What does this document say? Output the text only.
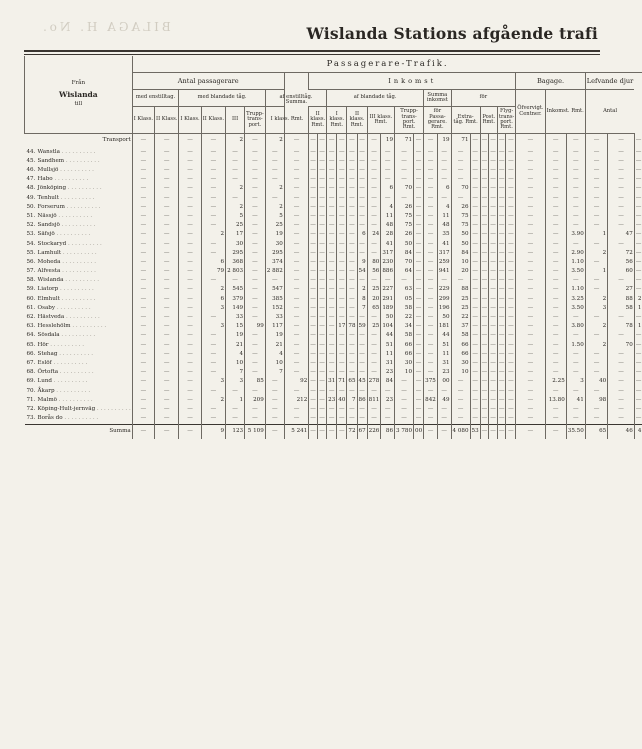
BILAGA H. No.	Wislanda Stations afgående trafi
Från
Wislanda
till	Passagerare-Trafik.																															
	Antal passagerare							Summa.	Inkomst																		Bagage.			Lefvande djur		
	med enstilltag.		med blandade tåg.				af enstilltåg.				af blandade tåg.								Summa inkomst		för						Öfvervigt. Centner.	Inkomst. Rmt.		Antal		
	I Klass.	II Klass.	I Klass.	II Klass.	III	Trupp-trans-port.	I klass. Rmt.		II klass. Rmt.		I klass. Rmt.		II klass. Rmt.		III klass. Rmt.		Trupp-trans-port. Rmt.		för Passa-gerare. Rmt.		Extra-tåg. Rmt.		Post. Rmt.		Flyg-trans-port. Rmt.							
Transport	—	—	—	—	2	—	2	—	—	—	—	—	—	—	—	19	71	—	—	19	71	—	—	—	—	—	—	—	—	—	—	—
44. Wanstla . . . . . . . . . .	—	—	—	—	—	—	—	—	—	—	—	—	—	—	—	—	—	—	—	—	—	—	—	—	—	—	—	—	—	—	—	—
45. Sandhem . . . . . . . . . .	—	—	—	—	—	—	—	—	—	—	—	—	—	—	—	—	—	—	—	—	—	—	—	—	—	—	—	—	—	—	—	—
46. Mullsjö . . . . . . . . . .	—	—	—	—	—	—	—	—	—	—	—	—	—	—	—	—	—	—	—	—	—	—	—	—	—	—	—	—	—	—	—	—
47. Habo . . . . . . . . . .	—	—	—	—	—	—	—	—	—	—	—	—	—	—	—	—	—	—	—	—	—	—	—	—	—	—	—	—	—	—	—	—
48. Jönköping . . . . . . . . . .	—	—	—	—	2	—	2	—	—	—	—	—	—	—	—	6	70	—	—	6	70	—	—	—	—	—	—	—	—	—	—	—
49. Tenhult . . . . . . . . . .	—	—	—	—	—	—	—	—	—	—	—	—	—	—	—	—	—	—	—	—	—	—	—	—	—	—	—	—	—	—	—	—
50. Forserum . . . . . . . . . .	—	—	—	—	2	—	2	—	—	—	—	—	—	—	—	4	26	—	—	4	26	—	—	—	—	—	—	—	—	—	—	—
51. Nässjö . . . . . . . . . .	—	—	—	—	5	—	5	—	—	—	—	—	—	—	—	11	75	—	—	11	75	—	—	—	—	—	—	—	—	—	—	—
52. Sandsjö . . . . . . . . . .	—	—	—	—	25	—	25	—	—	—	—	—	—	—	—	48	75	—	—	48	75	—	—	—	—	—	—	—	—	—	—	—
53. Säfsjö . . . . . . . . . .	—	—	—	2	17	—	19	—	—	—	—	—	—	6	24	28	26	—	—	35	50	—	—	—	—	—	—	—	3.90	1	47	—
54. Stockaryd . . . . . . . . . .	—	—	—	—	30	—	30	—	—	—	—	—	—	—	—	41	50	—	—	41	50	—	—	—	—	—	—	—	—	—	—	—
55. Lamhult . . . . . . . . . .	—	—	—	—	295	—	295	—	—	—	—	—	—	—	—	317	84	—	—	317	84	—	—	—	—	—	—	—	2.90	2	72	—
56. Moheda . . . . . . . . . .	—	—	—	6	368	—	374	—	—	—	—	—	—	9	80	230	70	—	—	259	10	—	—	—	—	—	—	—	1.10	—	56	—
57. Alfvesta . . . . . . . . . .	—	—	—	79	2 803	—	2 882	—	—	—	—	—	—	54	56	886	64	—	—	941	20	—	—	—	—	—	—	—	3.50	1	60	—
58. Wislanda . . . . . . . . . .	—	—	—	—	—	—	—	—	—	—	—	—	—	—	—	—	—	—	—	—	—	—	—	—	—	—	—	—	—	—	—	—
59. Liatorp . . . . . . . . . .	—	—	—	2	545	—	547	—	—	—	—	—	—	2	25	227	63	—	—	229	88	—	—	—	—	—	—	—	1.10	—	27	—
60. Elmhult . . . . . . . . . .	—	—	—	6	379	—	385	—	—	—	—	—	—	8	20	291	05	—	—	299	25	—	—	—	—	—	—	—	3.25	2	88	2
61. Osaby . . . . . . . . . .	—	—	—	3	149	—	152	—	—	—	—	—	—	7	65	189	58	—	—	196	25	—	—	—	—	—	—	—	3.50	3	58	1
62. Hästveda . . . . . . . . . .	—	—	—	—	33	—	33	—	—	—	—	—	—	—	—	50	22	—	—	50	22	—	—	—	—	—	—	—	—	—	—	—
63. Hesslehölm . . . . . . . . . .	—	—	—	3	15	99	117	—	—	—	—	17	78	59	25	104	34	—	—	181	37	—	—	—	—	—	—	—	3.80	2	78	1
64. Sösdala . . . . . . . . . .	—	—	—	—	19	—	19	—	—	—	—	—	—	—	—	44	58	—	—	44	58	—	—	—	—	—	—	—	—	—	—	—
65. Hör . . . . . . . . . .	—	—	—	—	21	—	21	—	—	—	—	—	—	—	—	51	66	—	—	51	66	—	—	—	—	—	—	—	1.50	2	70	—
66. Stehag . . . . . . . . . .	—	—	—	—	4	—	4	—	—	—	—	—	—	—	—	11	66	—	—	11	66	—	—	—	—	—	—	—	—	—	—	—
67. Eslöf . . . . . . . . . .	—	—	—	—	10	—	10	—	—	—	—	—	—	—	—	31	30	—	—	31	30	—	—	—	—	—	—	—	—	—	—	—
68. Örtofta . . . . . . . . . .	—	—	—	—	7	—	7	—	—	—	—	—	—	—	—	23	10	—	—	23	10	—	—	—	—	—	—	—	—	—	—	—
69. Lund . . . . . . . . . .	—	—	—	3	3	85	—	92	—	—	31	71	65	45	278	84	—	—	375	00	—	—	—	—	—	—	—	2.25	3	40	—	—
70. Åkarp . . . . . . . . . .	—	—	—	—	—	—	—	—	—	—	—	—	—	—	—	—	—	—	—	—	—	—	—	—	—	—	—	—	—	—	—	—
71. Malmö . . . . . . . . . .	—	—	—	2	1	209	—	212	—	—	23	40	7	86	811	23	—	—	842	49	—	—	—	—	—	—	—	13.80	41	98	—	—
72. Köping-Hult-jernväg . . . . . . . . . .	—	—	—	—	—	—	—	—	—	—	—	—	—	—	—	—	—	—	—	—	—	—	—	—	—	—	—	—	—	—	—	—
73. Borås do . . . . . . . . . .	—	—	—	—	—	—	—	—	—	—	—	—	—	—	—	—	—	—	—	—	—	—	—	—	—	—	—	—	—	—	—	—
Summa	—	—	—	9	123	5 109	—	5 241	—	—	—	—	72	67	226	86	3 780	00	—	—	4 080	53	—	—	—	—	—	—	35.50	65	46	4
